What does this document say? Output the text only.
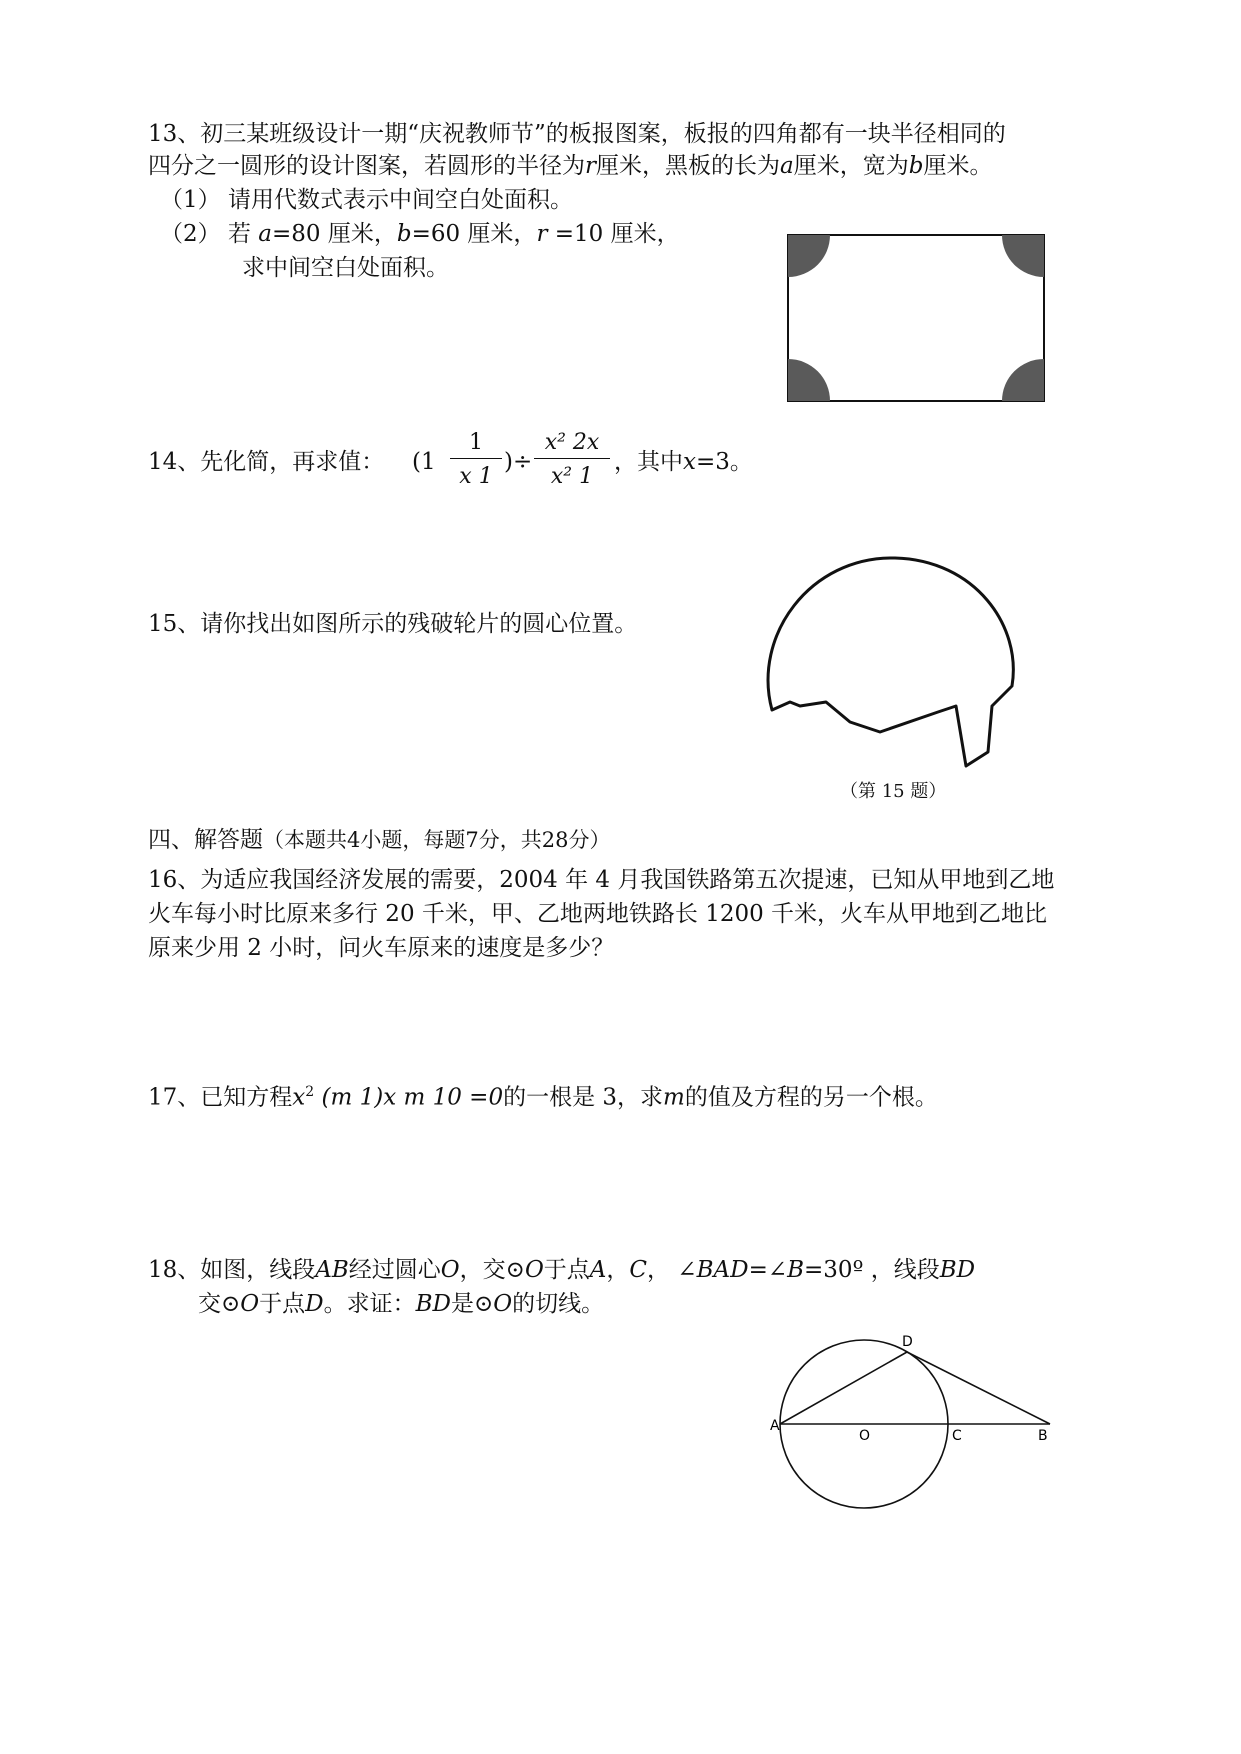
13、初三某班级设计一期“庆祝教师节”的板报图案，板报的四角都有一块半径相同的
四分之一圆形的设计图案，若圆形的半径为r厘米，黑板的长为a厘米，宽为b厘米。
（1） 请用代数式表示中间空白处面积。
（2） 若 a=80 厘米，b=60 厘米，r =10 厘米，
求中间空白处面积。
14、先化简，再求值： (1
1
x 1
)÷
x² 2x
x² 1
，其中x=3。
15、请你找出如图所示的残破轮片的圆心位置。
（第 15 题）
四、解答题（本题共4小题，每题7分，共28分）
16、为适应我国经济发展的需要，2004 年 4 月我国铁路第五次提速，已知从甲地到乙地
火车每小时比原来多行 20 千米，甲、乙地两地铁路长 1200 千米，火车从甲地到乙地比
原来少用 2 小时，问火车原来的速度是多少？
17、已知方程$x^2$ (m 1)x m 10 =0的一根是 3，求m的值及方程的另一个根。
18、如图，线段AB经过圆心O，交⊙O于点A，C， ∠BAD=∠B=30º ，线段BD
交⊙O于点D。求证：BD是⊙O的切线。
A
O	C	B
D
